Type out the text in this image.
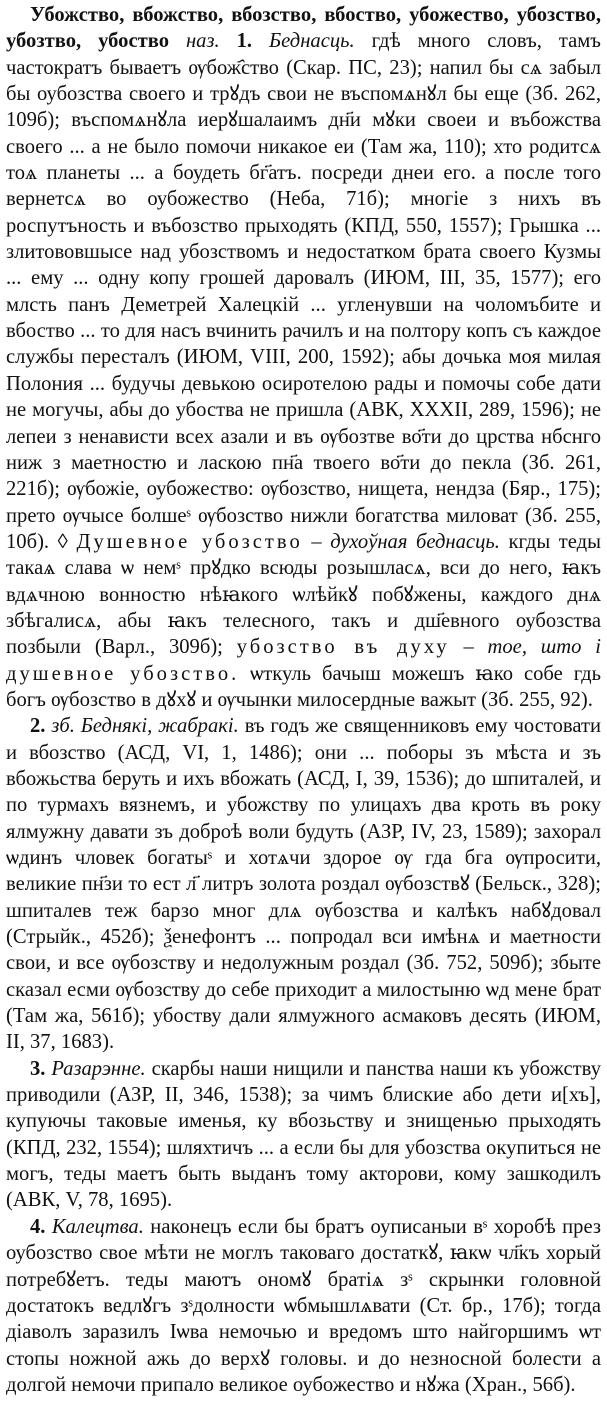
Убожство, вбожство, вбозство, вбоство, убожество, убозство, убозтво, убоство наз. 1. Беднасць. гдѣ много словъ, тамъ частократъ бываетъ ѹбож҄ство (Скар. ПС, 23); напил бы сѧ забыл бы оубозства своего и трꙋдъ свои не въспомѧнꙋл бы еще (Зб. 262, 109б); въспомѧнꙋла иерꙋшалаимъ дн҃и мꙋки своеи и въбожства своего ... а не было помочи никакое еи (Там жа, 110); хто родитсѧ тоѧ планеты ... а боудеть бг҃атъ. посреди днеи его. а после того вернетсѧ во оубожество (Неба, 71б); многіе з нихъ въ роспутъность и въбозство прыходять (КПД, 550, 1557); Грышка ... злитововшысе над убозствомъ и недостатком брата своего Кузмы ... ему ... одну копу грошей даровалъ (ИЮМ, III, 35, 1577); его млсть панъ Деметрей Халецкій ... угленувши на чоломъбите и вбоство ... то для насъ вчинить рачилъ и на полтору копъ съ каждое службы пересталъ (ИЮМ, VIII, 200, 1592); абы дочька моя милая Полония ... будучы девькою осиротелою рады и помочы собе дати не могучы, абы до убоства не пришла (АВК, XXXII, 289, 1596); не лепеи з ненависти всех азали и въ ѹбозтве во҃ти до црства нбснго ниж з маетностю и ласкою пн҃а твоего во҃ти до пекла (Зб. 261, 221б); ѹбожіе, оубожество: ѹбозство, нищета, нендза (Бяр., 175); прето ѹчысе болшеˢ ѹбозство нижли богатства миловат (Зб. 255, 10б). ◊ Душевное убозство – духоўная беднасць. кгды теды такаѧ слава ѡ немˢ прꙋдко всюды розышласѧ, вси до него, ꙗкъ вдѧчною вонностю нѣꙗкого ѡлѣйкꙋ побꙋжены, каждого днѧ збѣгалисѧ, абы ꙗкъ телесного, такъ и дш҃евного оубозства позбыли (Варл., 309б); убозство въ духу – тое, што і душевное убозство. ѡткуль бачыш можешъ ꙗко собе гдь богъ ѹбозство в дꙋхꙋ и ѹчынки милосердные важыт (Зб. 255, 92).

2. зб. Беднякі, жабракі. въ годъ же священниковъ ему чостовати и вбозство (АСД, VI, 1, 1486); они ... поборы зъ мѣста и зъ вбожьства беруть и ихъ вбожать (АСД, I, 39, 1536); до шпиталей, и по турмахъ вязнемъ, и убожству по улицахъ два кроть въ року ялмужну давати зъ доброѣ воли будуть (АЗР, IV, 23, 1589); захорал ѡдинъ чловек богатыˢ и хотѧчи здорое ѹ гда бга ѹпросити, великие пн҃зи то ест л҃ литръ золота роздал ѹбозствꙋ (Бельск., 328); шпиталев теж барзо мног длѧ ѹбозства и калѣкъ набꙋдовал (Стрыйк., 452б); ѯенефонтъ ... попродал вси имѣнѧ и маетности свои, и все ѹбозству и недолужным роздал (Зб. 752, 509б); збыте сказал есми ѹбозству до себе приходит а милостыню ѡд мене брат (Там жа, 561б); убоству дали ялмужного асмаковъ десять (ИЮМ, II, 37, 1683).

3. Разарэнне. скарбы наши нищили и панства наши къ убожству приводили (АЗР, II, 346, 1538); за чимъ блиские або дети и[хъ], купуючы таковые именья, ку вбозьству и знищенью прыходять (КПД, 232, 1554); шляхтичъ ... а если бы для убозства окупиться не могъ, теды маетъ быть выданъ тому акторови, кому зашкодилъ (АВК, V, 78, 1695).

4. Калецтва. наконецъ если бы братъ оуписаныи вˢ хоробѣ през оубозство свое мѣти не моглъ таковаго достаткꙋ, ꙗкѡ чл҃къ хорый потребꙋетъ. теды маютъ ономꙋ братіѧ зˢ скрынки головной достатокъ ведлꙋгъ зˢдолности ѡбмышлѧвати (Ст. бр., 17б); тогда діаволъ заразилъ Іѡва немочью и вредомъ што найгоршимъ ѡт стопы ножной ажь до верхꙋ головы. и до незносной болести а долгой немочи припало великое оубожество и нꙋжа (Хран., 56б).
